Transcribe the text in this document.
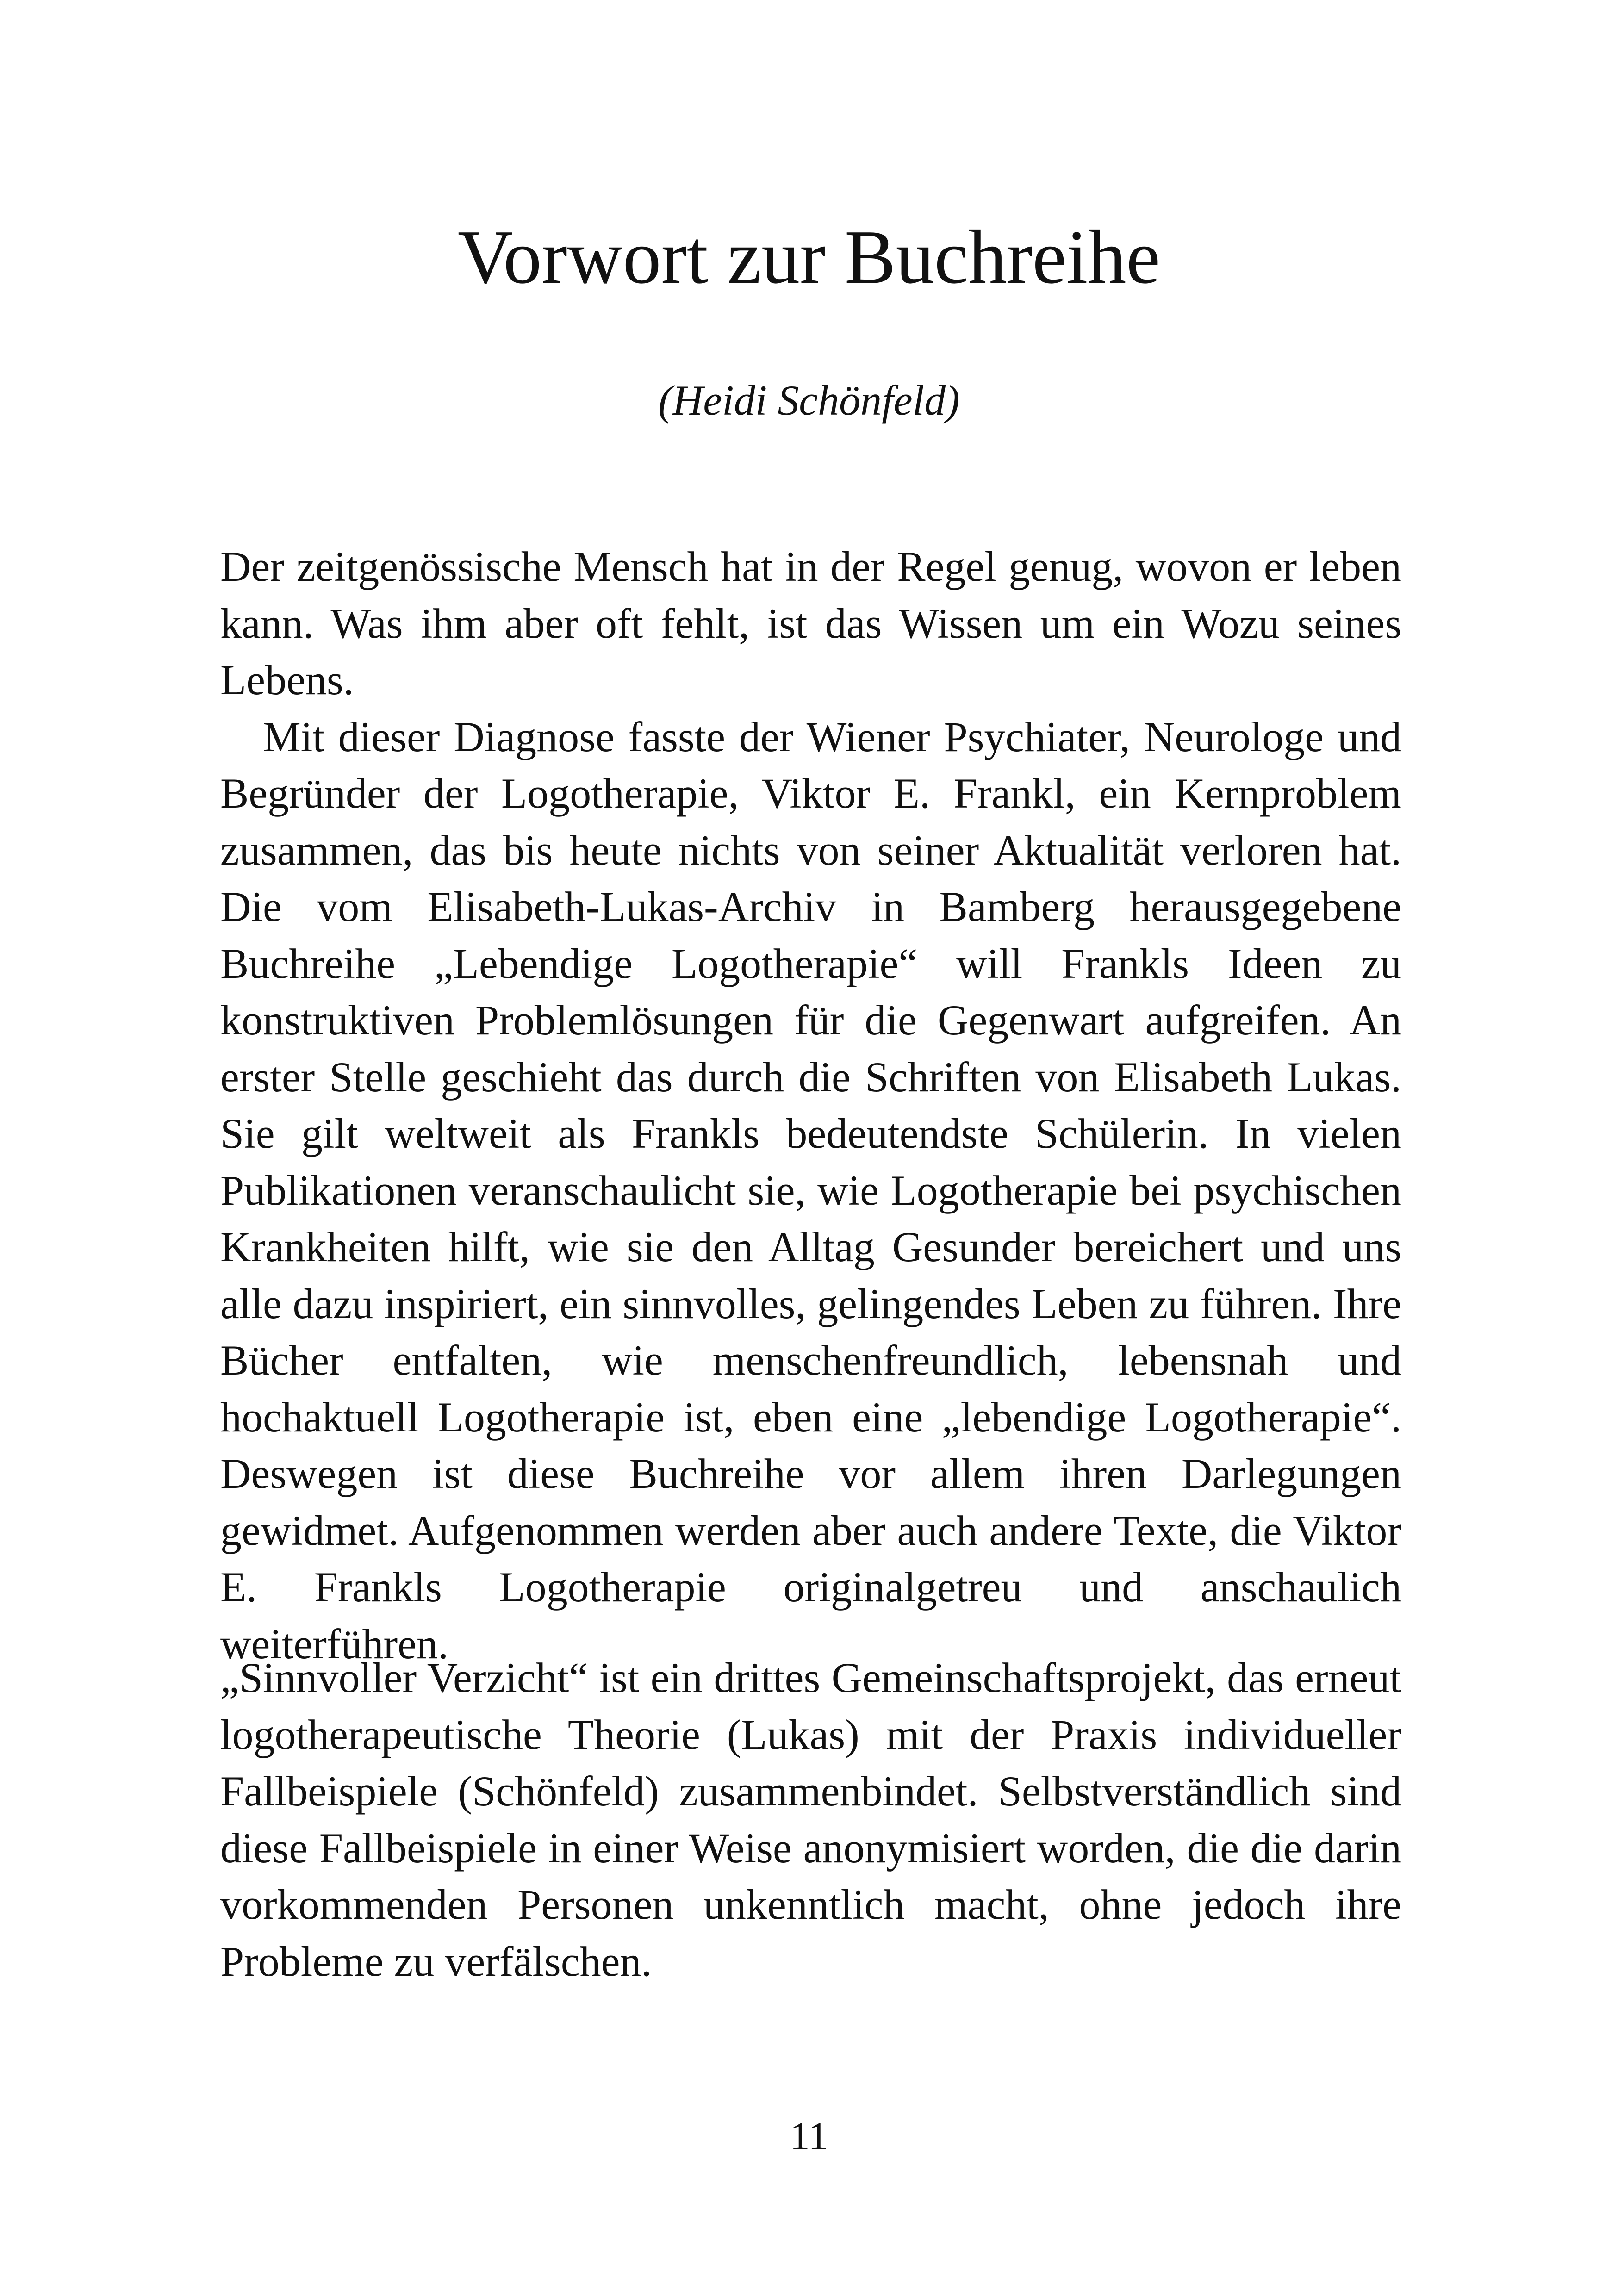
Vorwort zur Buchreihe
(Heidi Schönfeld)

Der zeitgenössische Mensch hat in der Regel genug, wovon er leben kann. Was ihm aber oft fehlt, ist das Wissen um ein Wozu seines Lebens.

Mit dieser Diagnose fasste der Wiener Psychiater, Neurologe und Begründer der Logotherapie, Viktor E. Frankl, ein Kernproblem zusammen, das bis heute nichts von seiner Aktualität verloren hat. Die vom Elisabeth-Lukas-Archiv in Bamberg herausgegebene Buchreihe „Lebendige Logotherapie“ will Frankls Ideen zu konstruktiven Problemlösungen für die Gegenwart aufgreifen. An erster Stelle geschieht das durch die Schriften von Elisabeth Lukas. Sie gilt weltweit als Frankls bedeutendste Schülerin. In vielen Publikationen veranschaulicht sie, wie Logotherapie bei psychischen Krankheiten hilft, wie sie den Alltag Gesunder bereichert und uns alle dazu inspiriert, ein sinnvolles, gelingendes Leben zu führen. Ihre Bücher entfalten, wie menschenfreundlich, lebensnah und hochaktuell Logotherapie ist, eben eine „lebendige Logotherapie“. Deswegen ist diese Buchreihe vor allem ihren Darlegungen gewidmet. Aufgenommen werden aber auch andere Texte, die Viktor E. Frankls Logotherapie originalgetreu und anschaulich weiterführen.

„Sinnvoller Verzicht“ ist ein drittes Gemeinschaftsprojekt, das erneut logotherapeutische Theorie (Lukas) mit der Praxis individueller Fallbeispiele (Schönfeld) zusammenbindet. Selbstverständlich sind diese Fallbeispiele in einer Weise anonymisiert worden, die die darin vorkommenden Personen unkenntlich macht, ohne jedoch ihre Probleme zu verfälschen.

11
